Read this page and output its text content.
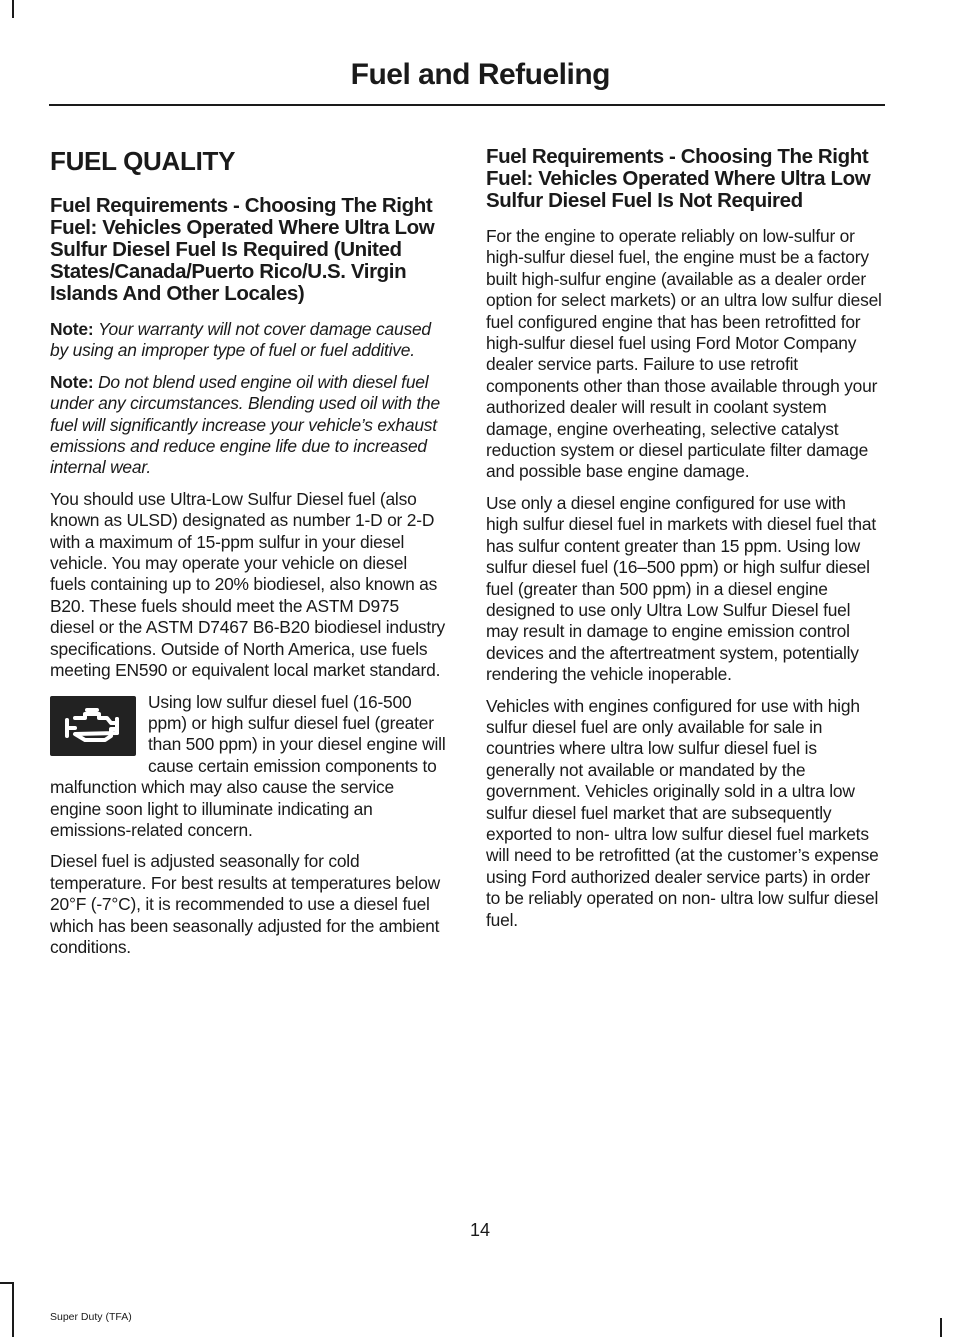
Fuel and Refueling
FUEL QUALITY
Fuel Requirements - Choosing The Right Fuel: Vehicles Operated Where Ultra Low Sulfur Diesel Fuel Is Required (United States/Canada/Puerto Rico/U.S. Virgin Islands And Other Locales)

Note: Your warranty will not cover damage caused by using an improper type of fuel or fuel additive.

Note: Do not blend used engine oil with diesel fuel under any circumstances. Blending used oil with the fuel will significantly increase your vehicle’s exhaust emissions and reduce engine life due to increased internal wear.

You should use Ultra-Low Sulfur Diesel fuel (also known as ULSD) designated as number 1-D or 2-D with a maximum of 15-ppm sulfur in your diesel vehicle. You may operate your vehicle on diesel fuels containing up to 20% biodiesel, also known as B20. These fuels should meet the ASTM D975 diesel or the ASTM D7467 B6-B20 biodiesel industry specifications. Outside of North America, use fuels meeting EN590 or equivalent local market standard.

Using low sulfur diesel fuel (16-500 ppm) or high sulfur diesel fuel (greater than 500 ppm) in your diesel engine will cause certain emission components to malfunction which may also cause the service engine soon light to illuminate indicating an emissions-related concern.

Diesel fuel is adjusted seasonally for cold temperature. For best results at temperatures below 20°F (-7°C), it is recommended to use a diesel fuel which has been seasonally adjusted for the ambient conditions.

Fuel Requirements - Choosing The Right Fuel: Vehicles Operated Where Ultra Low Sulfur Diesel Fuel Is Not Required

For the engine to operate reliably on low-sulfur or high-sulfur diesel fuel, the engine must be a factory built high-sulfur engine (available as a dealer order option for select markets) or an ultra low sulfur diesel fuel configured engine that has been retrofitted for high-sulfur diesel fuel using Ford Motor Company dealer service parts. Failure to use retrofit components other than those available through your authorized dealer will result in coolant system damage, engine overheating, selective catalyst reduction system or diesel particulate filter damage and possible base engine damage.

Use only a diesel engine configured for use with high sulfur diesel fuel in markets with diesel fuel that has sulfur content greater than 15 ppm. Using low sulfur diesel fuel (16–500 ppm) or high sulfur diesel fuel (greater than 500 ppm) in a diesel engine designed to use only Ultra Low Sulfur Diesel fuel may result in damage to engine emission control devices and the aftertreatment system, potentially rendering the vehicle inoperable.

Vehicles with engines configured for use with high sulfur diesel fuel are only available for sale in countries where ultra low sulfur diesel fuel is generally not available or mandated by the government. Vehicles originally sold in a ultra low sulfur diesel fuel market that are subsequently exported to non- ultra low sulfur diesel fuel markets will need to be retrofitted (at the customer’s expense using Ford authorized dealer service parts) in order to be reliably operated on non- ultra low sulfur diesel fuel.

14
Super Duty (TFA)
